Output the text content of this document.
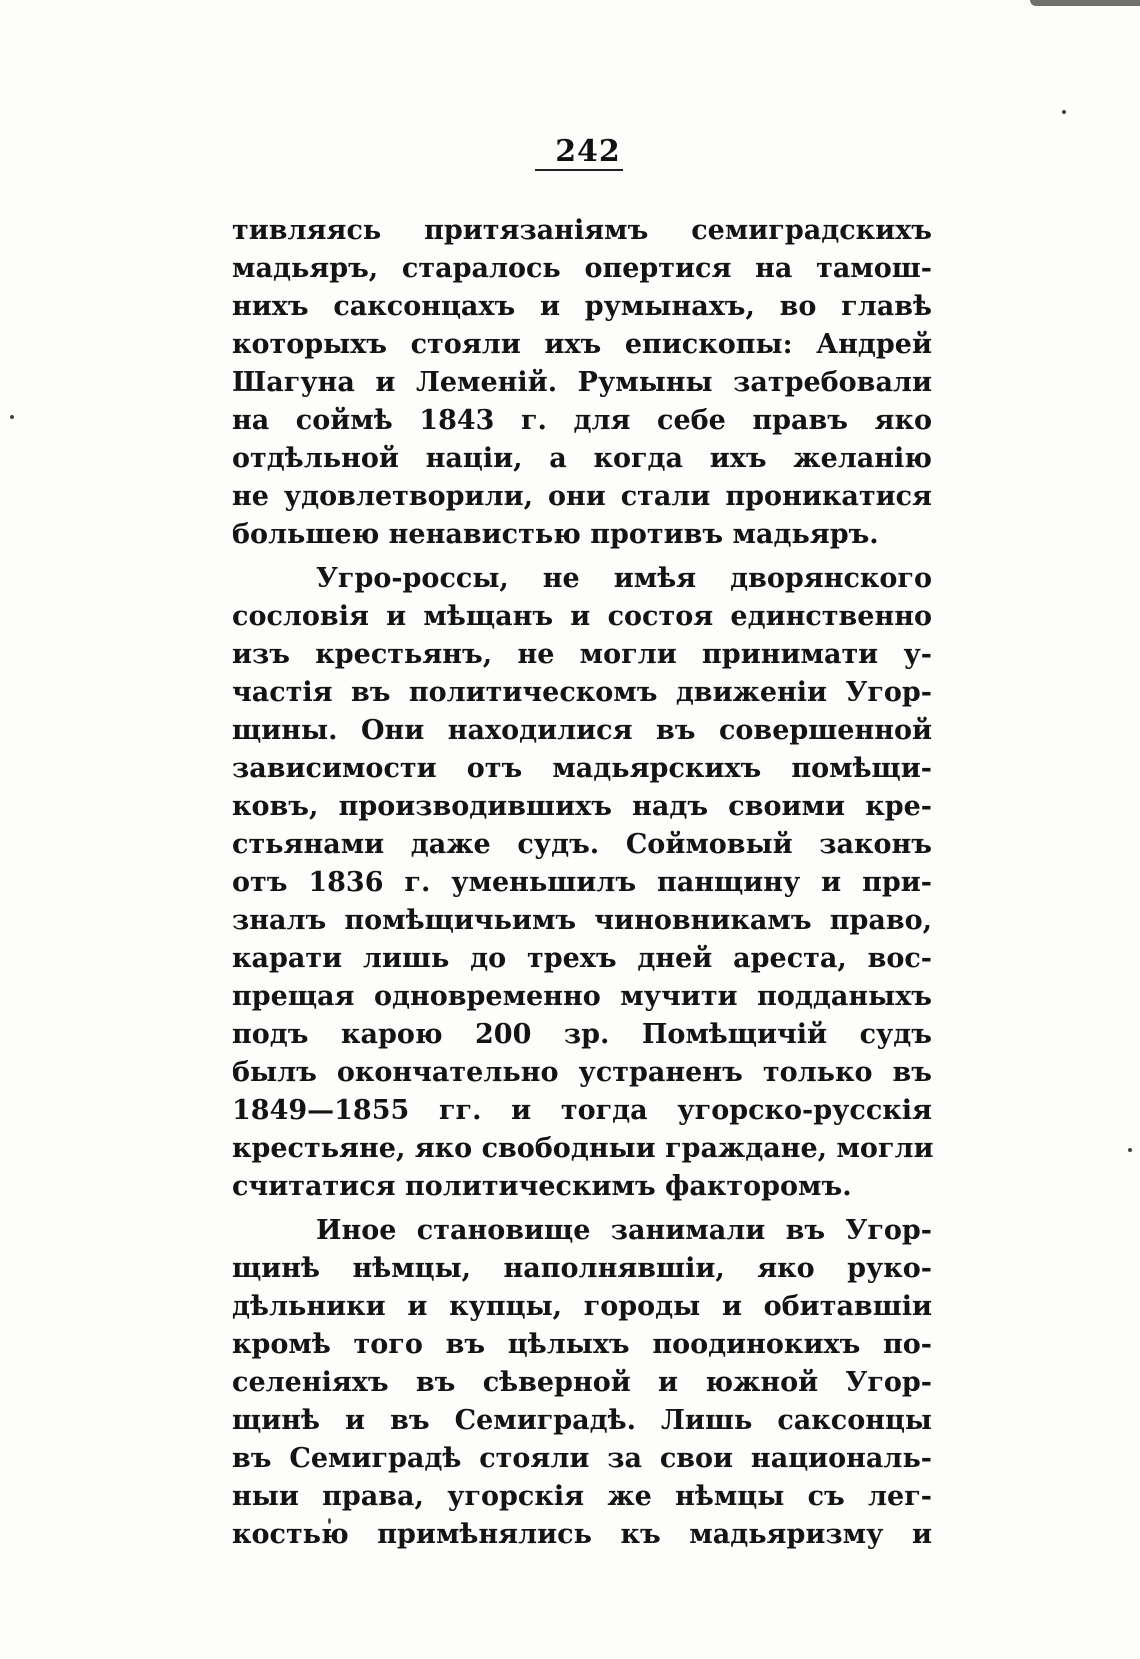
242

тивляясь притязаніямъ семиградскихъ
мадьяръ, старалось опертися на тамош-
нихъ саксонцахъ и румынахъ, во главѣ
которыхъ стояли ихъ епископы: Андрей
Шагуна и Леменій. Румыны затребовали
на соймѣ 1843 г. для себе правъ яко
отдѣльной націи, а когда ихъ желанію
не удовлетворили, они стали проникатися
большею ненавистью противъ мадьяръ.

Угро-россы, не имѣя дворянского
сословія и мѣщанъ и состоя единственно
изъ крестьянъ, не могли принимати у-
частія въ политическомъ движеніи Угор-
щины. Они находилися въ совершенной
зависимости отъ мадьярскихъ помѣщи-
ковъ, производившихъ надъ своими кре-
стьянами даже судъ. Соймовый законъ
отъ 1836 г. уменьшилъ панщину и при-
зналъ помѣщичьимъ чиновникамъ право,
карати лишь до трехъ дней ареста, вос-
прещая одновременно мучити подданыхъ
подъ карою 200 зр. Помѣщичій судъ
былъ окончательно устраненъ только въ
1849—1855 гг. и тогда угорско-русскія
крестьяне, яко свободныи граждане, могли
считатися политическимъ факторомъ.

Иное становище занимали въ Угор-
щинѣ нѣмцы, наполнявшіи, яко руко-
дѣльники и купцы, городы и обитавшіи
кромѣ того въ цѣлыхъ поодинокихъ по-
селеніяхъ въ сѣверной и южной Угор-
щинѣ и въ Семиградѣ. Лишь саксонцы
въ Семиградѣ стояли за свои националь-
ныи права, угорскія же нѣмцы съ лег-
костью примѣнялись къ мадьяризму и
